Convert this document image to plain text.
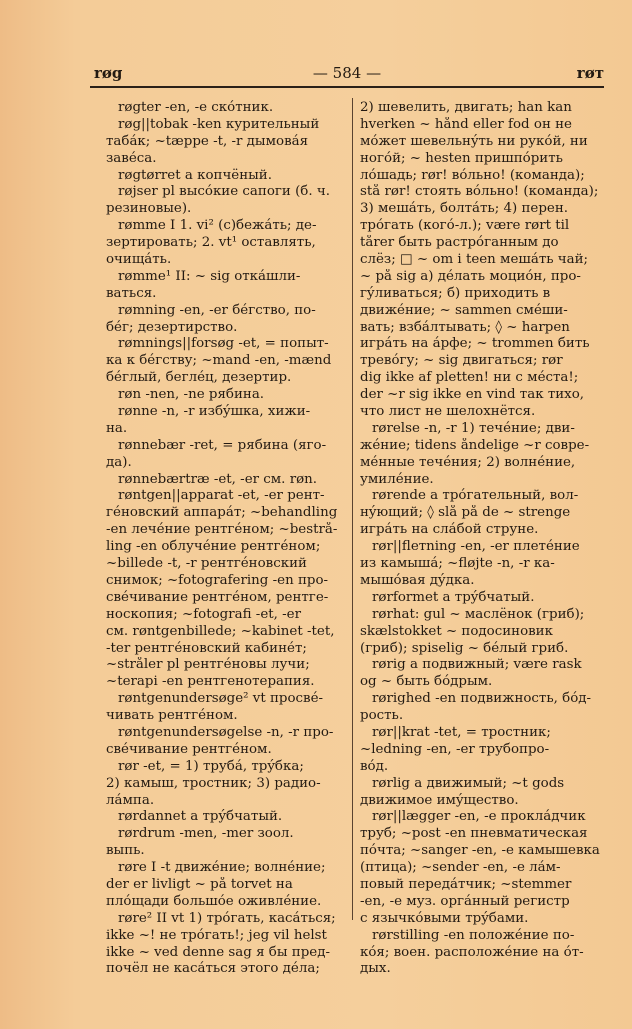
røg	— 584 —	røт
røgter -en, -e скóтник.
røg||tobak -ken курительный
табáк; ~tæppe -t, -r дымовáя
завéса.
røgtørret a копчёный.
røjser pl высóкие сапоги (б. ч.
резиновые).
rømme I 1. vi² (с)бежáть; де-
зертировать; 2. vt¹ оставлять,
очищáть.
rømme¹ II: ~ sig откáшли-
ваться.
rømning -en, -er бéгство, по-
бéг; дезертирство.
rømnings||forsøg -et, = попыт-
ка к бéгству; ~mand -en, -mænd
бéглый, беглéц, дезертир.
røn -nen, -ne рябина.
rønne -n, -r избýшка, хижи-
на.
rønnebær -ret, = рябина (яго-
да).
rønnebærtræ -et, -er см. røn.
røntgen||apparat -et, -er рент-
гéновский аппарáт; ~behandling
-en лечéние рентгéном; ~bestrå-
ling -en облучéние рентгéном;
~billede -t, -r рентгéновский
снимок; ~fotografering -en про-
свéчивание рентгéном, рентге-
носкопия; ~fotografi -et, -er
см. røntgenbillede; ~kabinet -tet,
-ter рентгéновский кабинéт;
~stråler pl рентгéновы лучи;
~terapi -en рентгенотерапия.
røntgenundersøge² vt просвé-
чивать рентгéном.
røntgenundersøgelse -n, -r про-
свéчивание рентгéном.
rør -et, = 1) трубá, трýбка;
2) камыш, тростник; 3) радио-
лáмпа.
rørdannet a трýбчатый.
rørdrum -men, -mer зоол.
выпь.
røre I -t движéние; волнéние;
der er livligt ~ på torvet на
плóщади большóе оживлéние.
røre² II vt 1) трóгать, касáться;
ikke ~! не трóгать!; jeg vil helst
ikke ~ ved denne sag я бы пред-
почёл не касáться этого дéла;
2) шевелить, двигать; han kan
hverken ~ hånd eller fod он не
мóжет шевельнýть ни рукóй, ни
ногóй; ~ hesten пришпóрить
лóшадь; rør! вóльно! (команда);
stå rør! стоять вóльно! (команда);
3) мешáть, болтáть; 4) перен.
трóгать (когó-л.); være rørt til
tårer быть растрóганным до
слёз; □ ~ om i teen мешáть чай;
~ på sig а) дéлать моциóн, про-
гýливаться; б) приходить в
движéние; ~ sammen смéши-
вать; взбáлтывать; ◊ ~ harpen
игрáть на áрфе; ~ trommen бить
тревóгу; ~ sig двигаться; rør
dig ikke af pletten! ни с мéста!;
der ~r sig ikke en vind так тихо,
что лист не шелохнётся.
rørelse -n, -r 1) течéние; дви-
жéние; tidens åndelige ~r совре-
мéнные течéния; 2) волнéние,
умилéние.
rørende a трóгательный, вол-
нýющий; ◊ slå på de ~ strenge
игрáть на слáбой струне.
rør||flетning -en, -er плетéние
из камышá; ~fløjte -n, -r ка-
мышóвая дýдка.
rørformet a трýбчатый.
rørhat: gul ~ маслёнок (гриб);
skælstokket ~ подосиновик
(гриб); spiselig ~ бéлый гриб.
rørig a подвижный; være rask
og ~ быть бóдрым.
rørighed -en подвижность, бóд-
рость.
rør||krat -tet, = тростник;
~ledning -en, -er трубопро-
вóд.
rørlig a движимый; ~t gods
движимое имýщество.
rør||lægger -en, -e проклáдчик
труб; ~post -en пневматическая
пóчта; ~sanger -en, -e камышевка
(птица); ~sender -en, -e лáм-
повый передáтчик; ~stemmer
-en, -e муз. оргáнный регистр
с язычкóвыми трýбами.
rørstilling -en положéние по-
кóя; воен. расположéние на óт-
дых.
